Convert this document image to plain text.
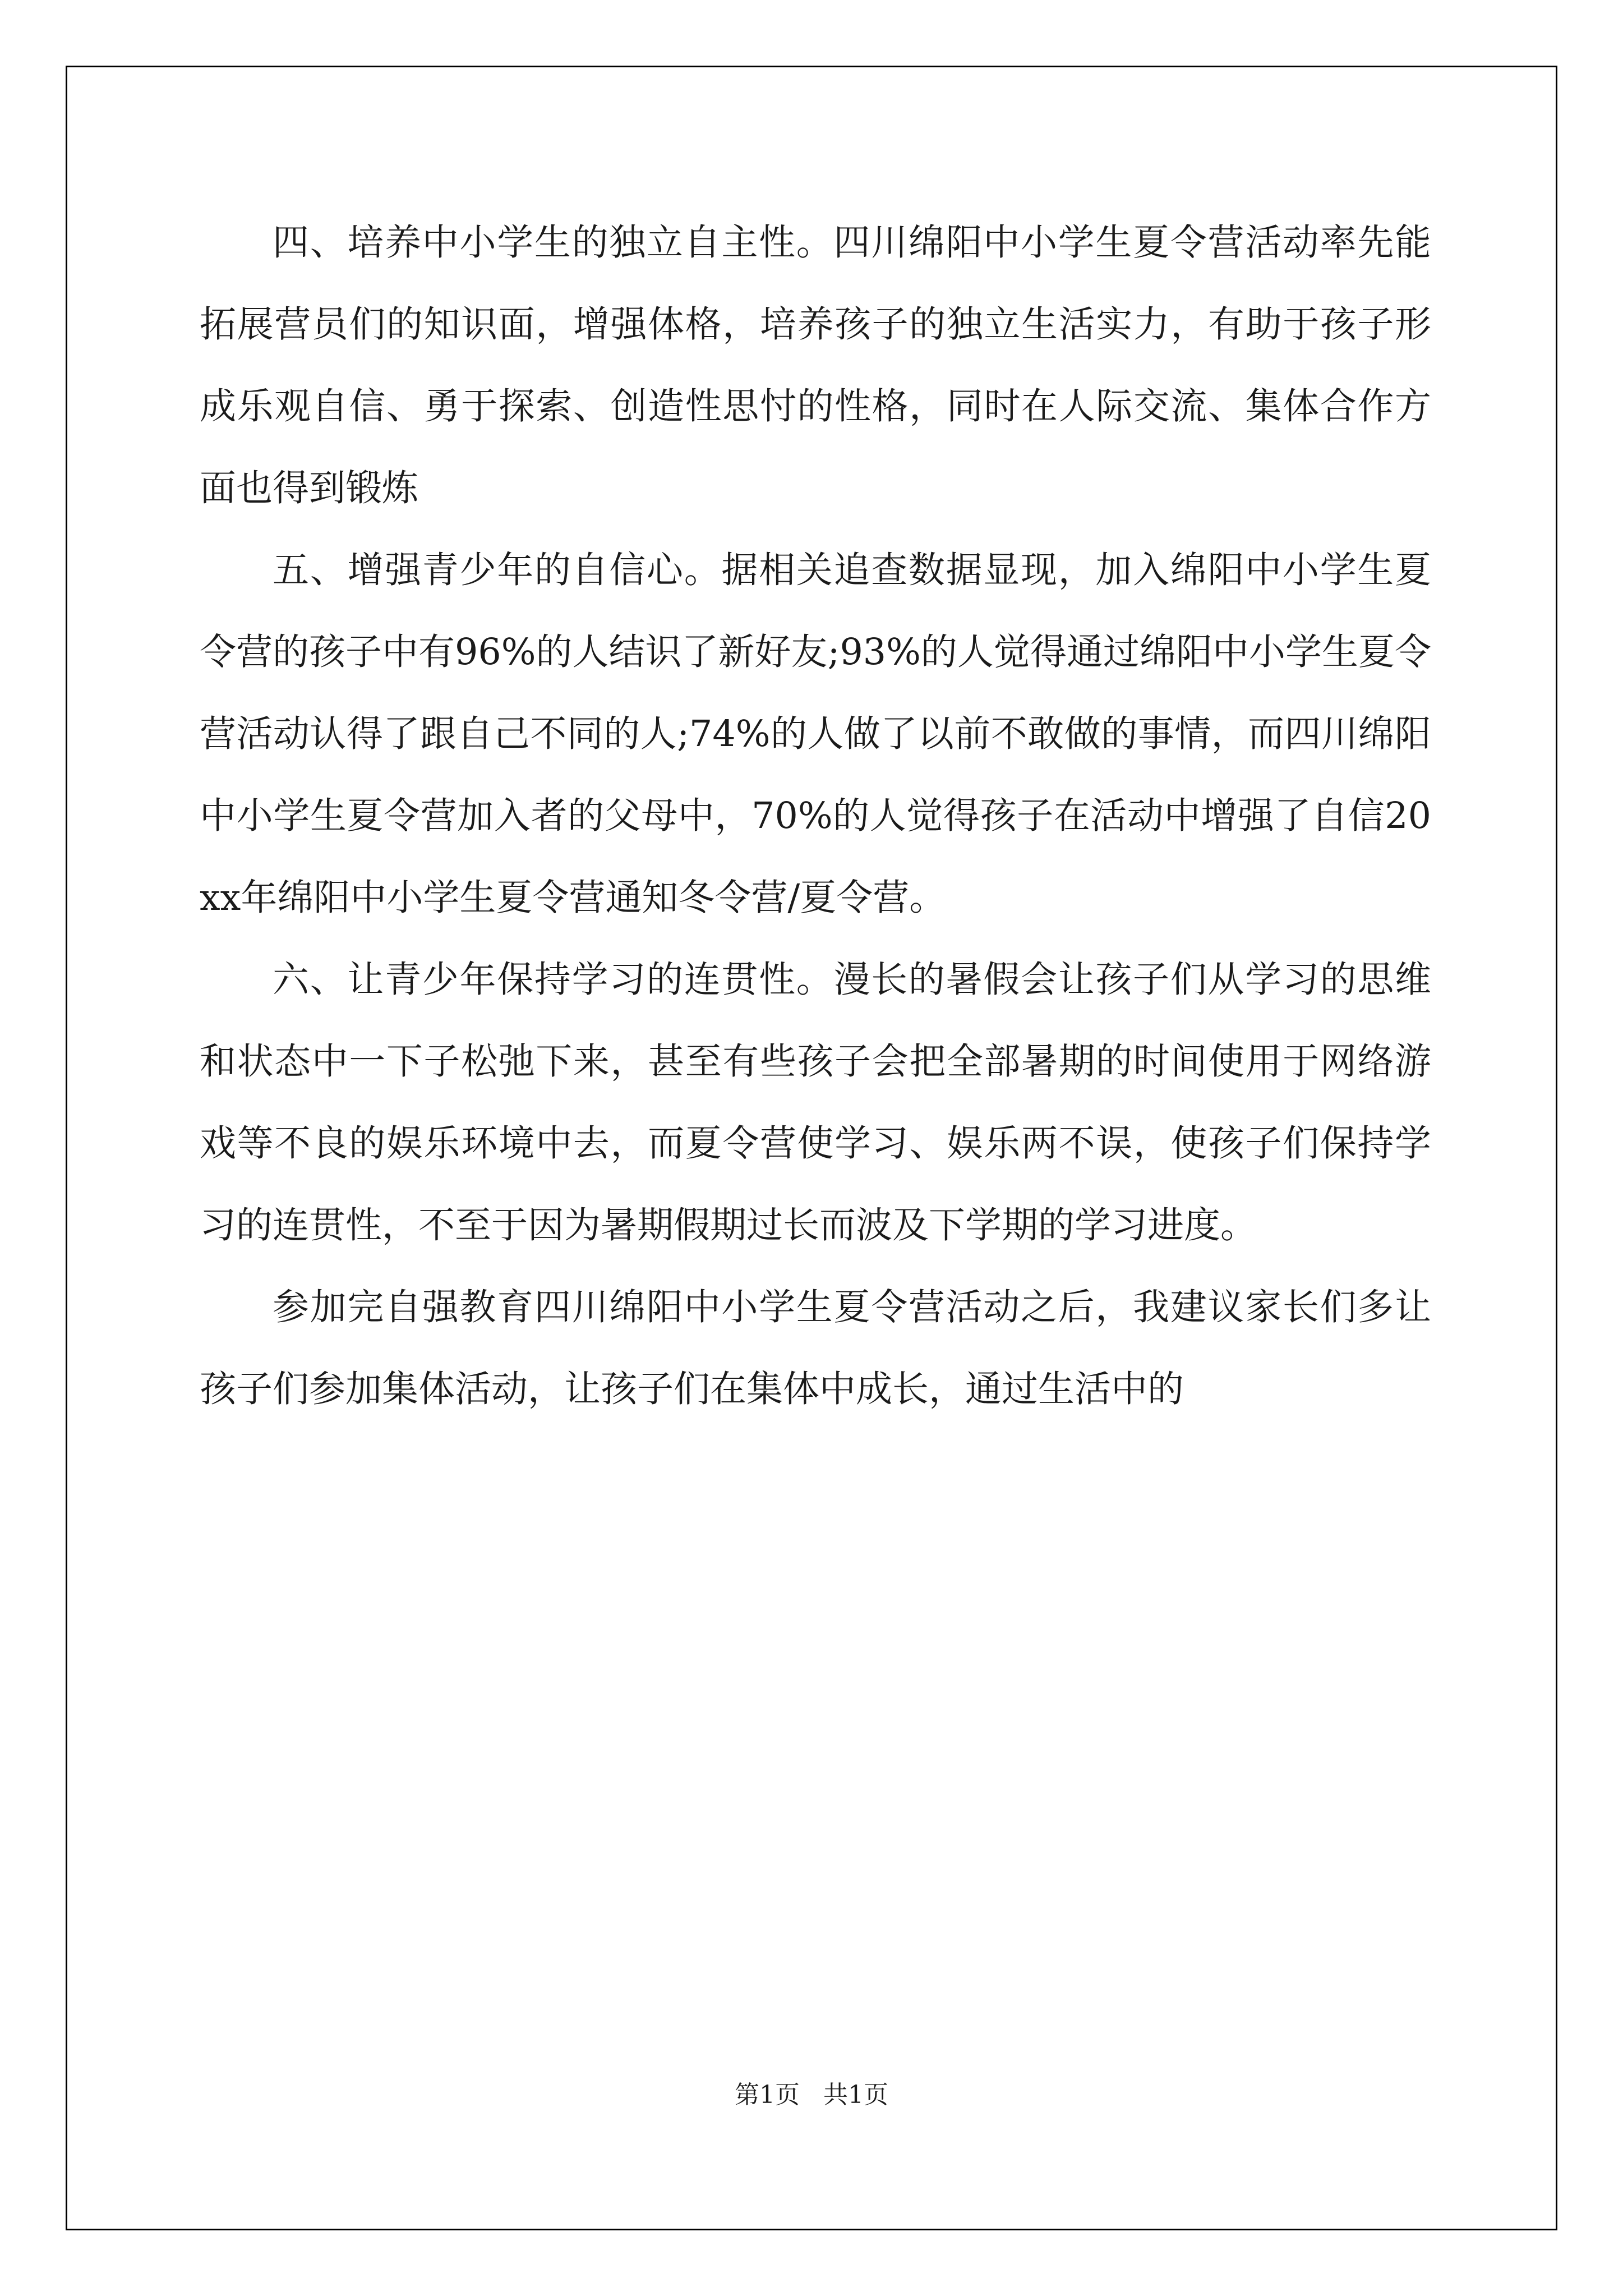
四、培养中小学生的独立自主性。四川绵阳中小学生夏令营活动率先能拓展营员们的知识面，增强体格，培养孩子的独立生活实力，有助于孩子形成乐观自信、勇于探索、创造性思忖的性格，同时在人际交流、集体合作方面也得到锻炼

五、增强青少年的自信心。据相关追查数据显现，加入绵阳中小学生夏令营的孩子中有96%的人结识了新好友;93%的人觉得通过绵阳中小学生夏令营活动认得了跟自己不同的人;74%的人做了以前不敢做的事情，而四川绵阳中小学生夏令营加入者的父母中，70%的人觉得孩子在活动中增强了自信20xx年绵阳中小学生夏令营通知冬令营/夏令营。

六、让青少年保持学习的连贯性。漫长的暑假会让孩子们从学习的思维和状态中一下子松弛下来，甚至有些孩子会把全部暑期的时间使用于网络游戏等不良的娱乐环境中去，而夏令营使学习、娱乐两不误，使孩子们保持学习的连贯性，不至于因为暑期假期过长而波及下学期的学习进度。

参加完自强教育四川绵阳中小学生夏令营活动之后，我建议家长们多让孩子们参加集体活动，让孩子们在集体中成长，通过生活中的

第1页   共1页
